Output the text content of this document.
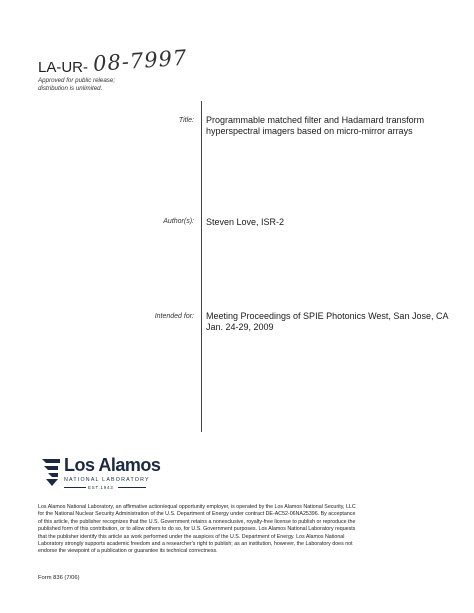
LA-UR- 08-7997
Approved for public release;
distribution is unlimited.
Title: Programmable matched filter and Hadamard transform
hyperspectral imagers based on micro-mirror arrays
Author(s): Steven Love, ISR-2
Intended for: Meeting Proceedings of SPIE Photonics West, San Jose, CA
Jan. 24-29, 2009
Los Alamos
NATIONAL LABORATORY
EST.1943
Los Alamos National Laboratory, an affirmative action/equal opportunity employer, is operated by the Los Alamos National Security, LLC
for the National Nuclear Security Administration of the U.S. Department of Energy under contract DE-AC52-06NA25396. By acceptance
of this article, the publisher recognizes that the U.S. Government retains a nonexclusive, royalty-free license to publish or reproduce the
published form of this contribution, or to allow others to do so, for U.S. Government purposes. Los Alamos National Laboratory requests
that the publisher identify this article as work performed under the auspices of the U.S. Department of Energy. Los Alamos National
Laboratory strongly supports academic freedom and a researcher's right to publish; as an institution, however, the Laboratory does not
endorse the viewpoint of a publication or guarantee its technical correctness.
Form 836 (7/06)
